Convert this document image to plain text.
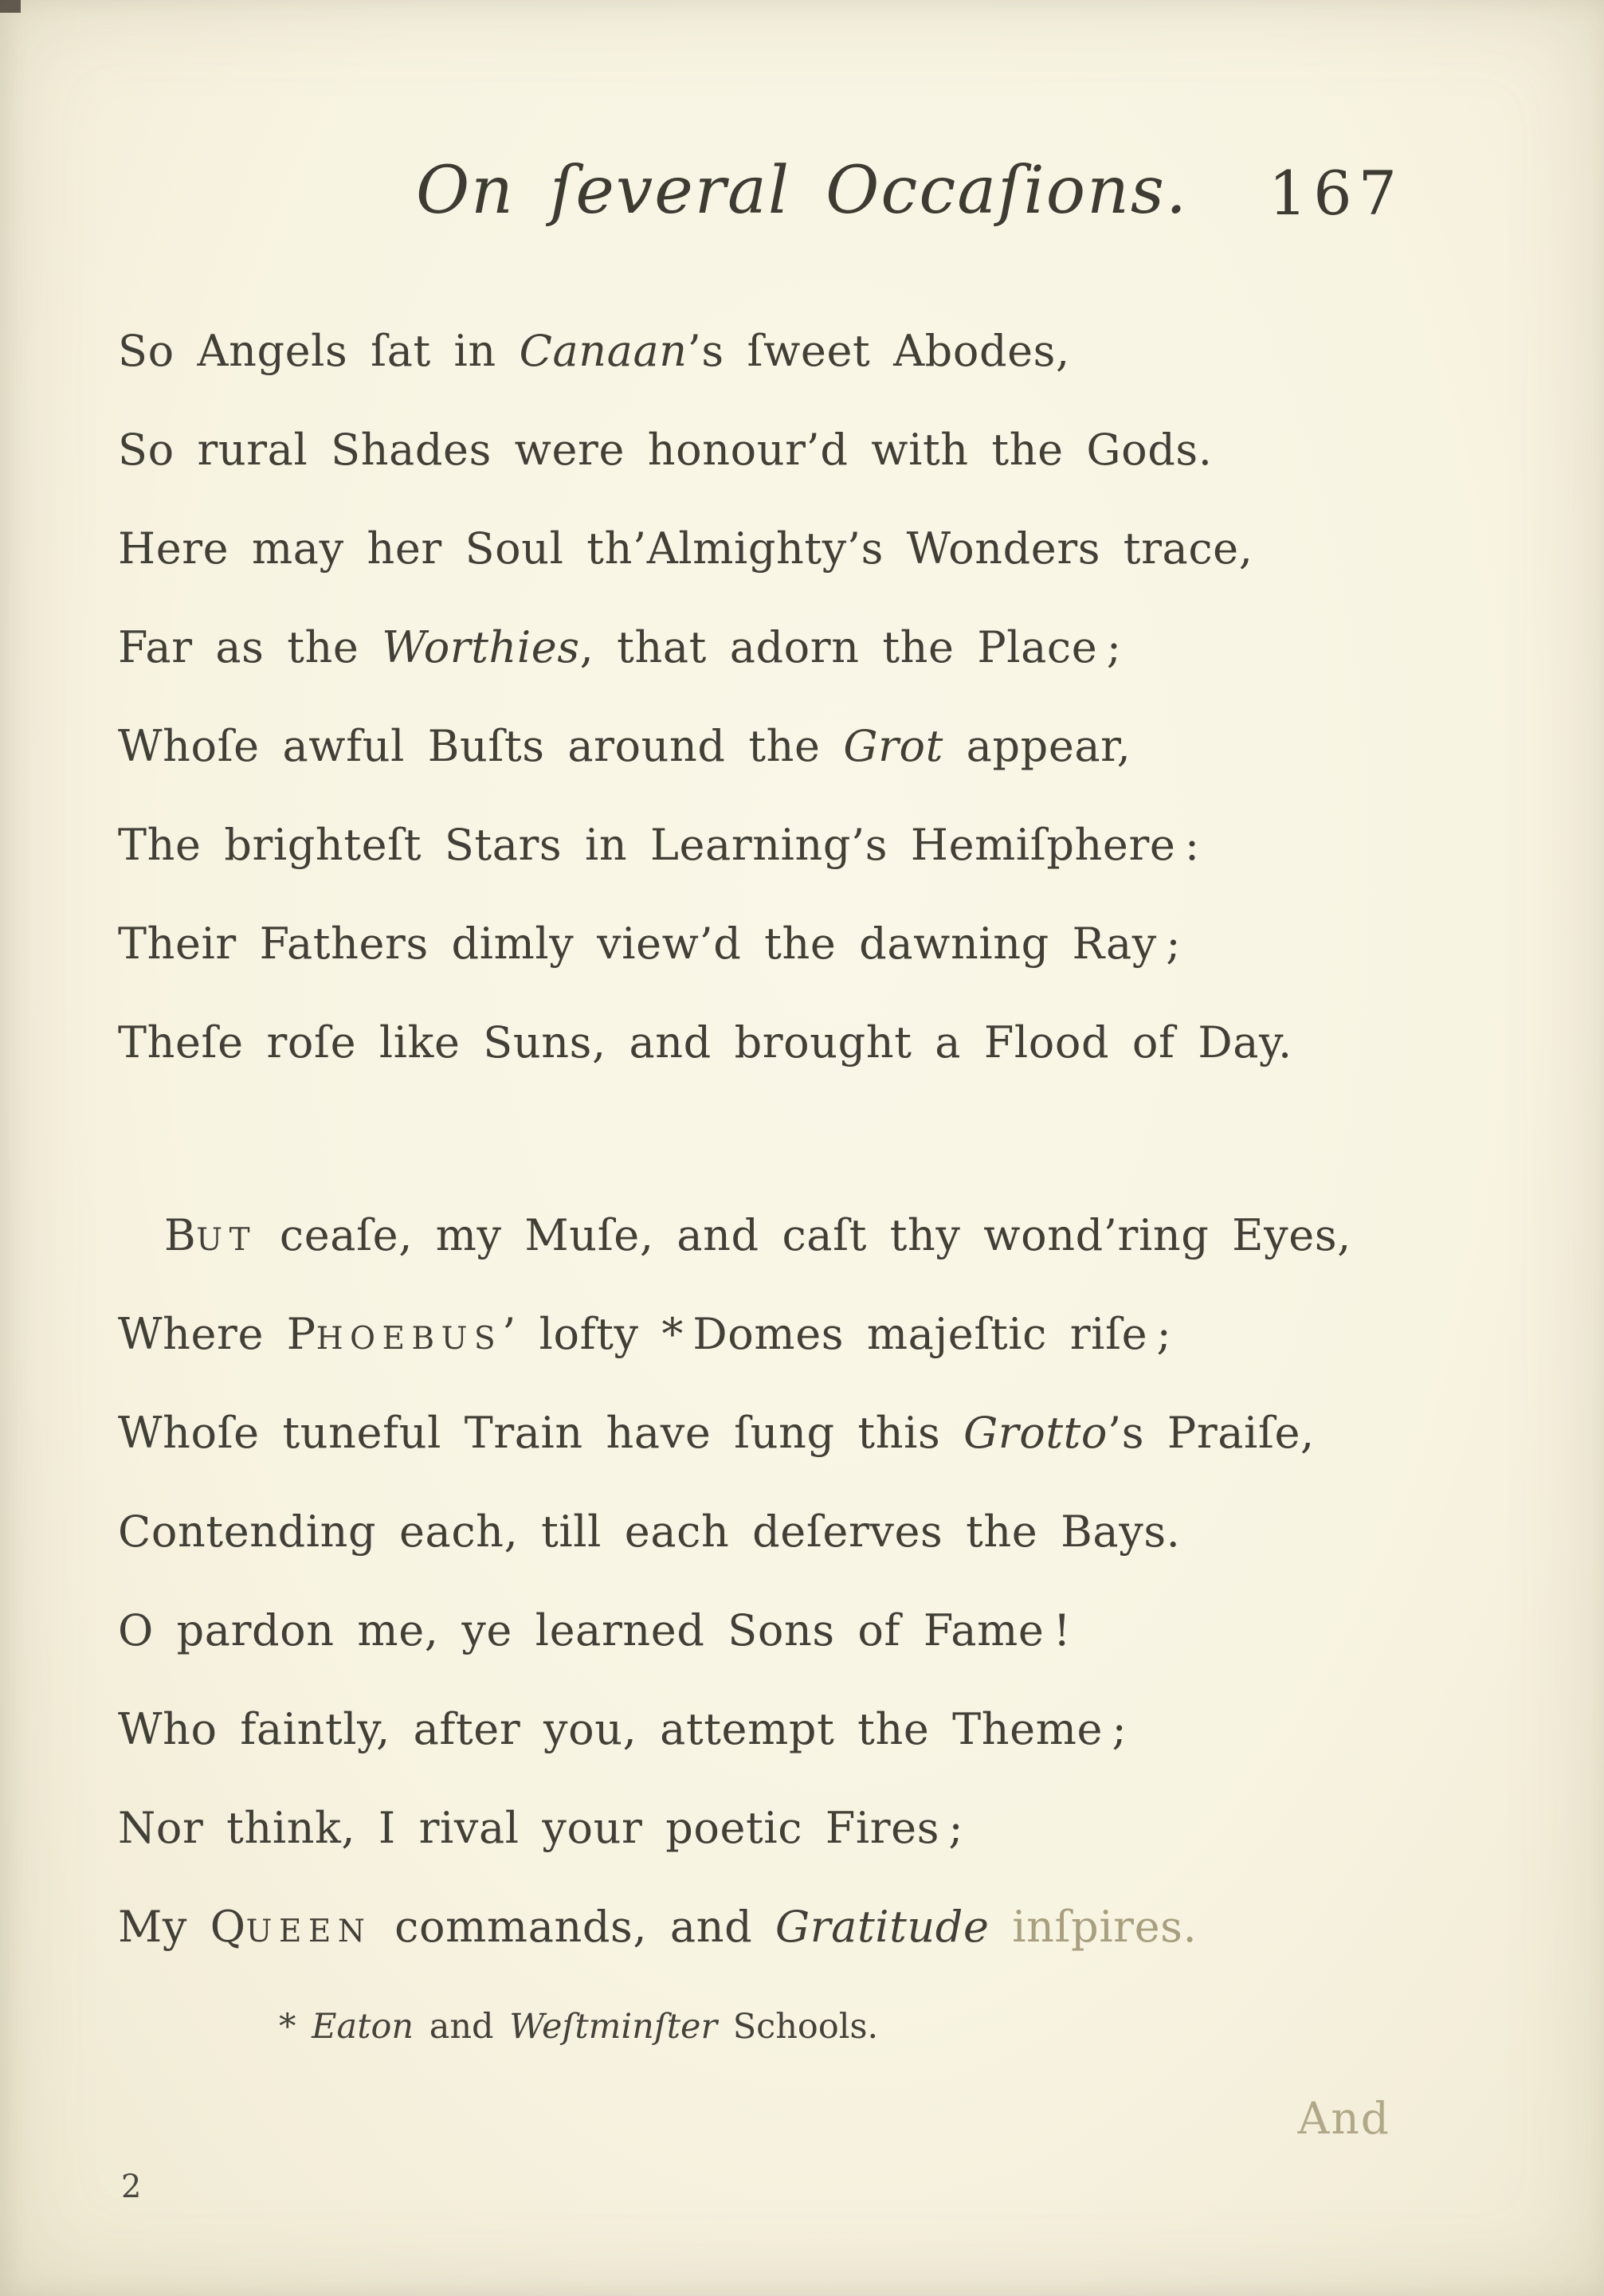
On ſeveral Occaſions. 167
So Angels ſat in Canaan’s ſweet Abodes,
So rural Shades were honour’d with the Gods.
Here may her Soul th’Almighty’s Wonders trace,
Far as the Worthies, that adorn the Place ;
Whoſe awful Buſts around the Grot appear,
The brighteſt Stars in Learning’s Hemiſphere :
Their Fathers dimly view’d the dawning Ray ;
Theſe roſe like Suns, and brought a Flood of Day.
BUT ceaſe, my Muſe, and caſt thy wond’ring Eyes,
Where PHOEBUS’ lofty * Domes majeſtic riſe ;
Whoſe tuneful Train have ſung this Grotto’s Praiſe,
Contending each, till each deſerves the Bays.
O pardon me, ye learned Sons of Fame !
Who faintly, after you, attempt the Theme ;
Nor think, I rival your poetic Fires ;
My QUEEN commands, and Gratitude inſpires.
* Eaton and Weſtminſter Schools.
And
2
